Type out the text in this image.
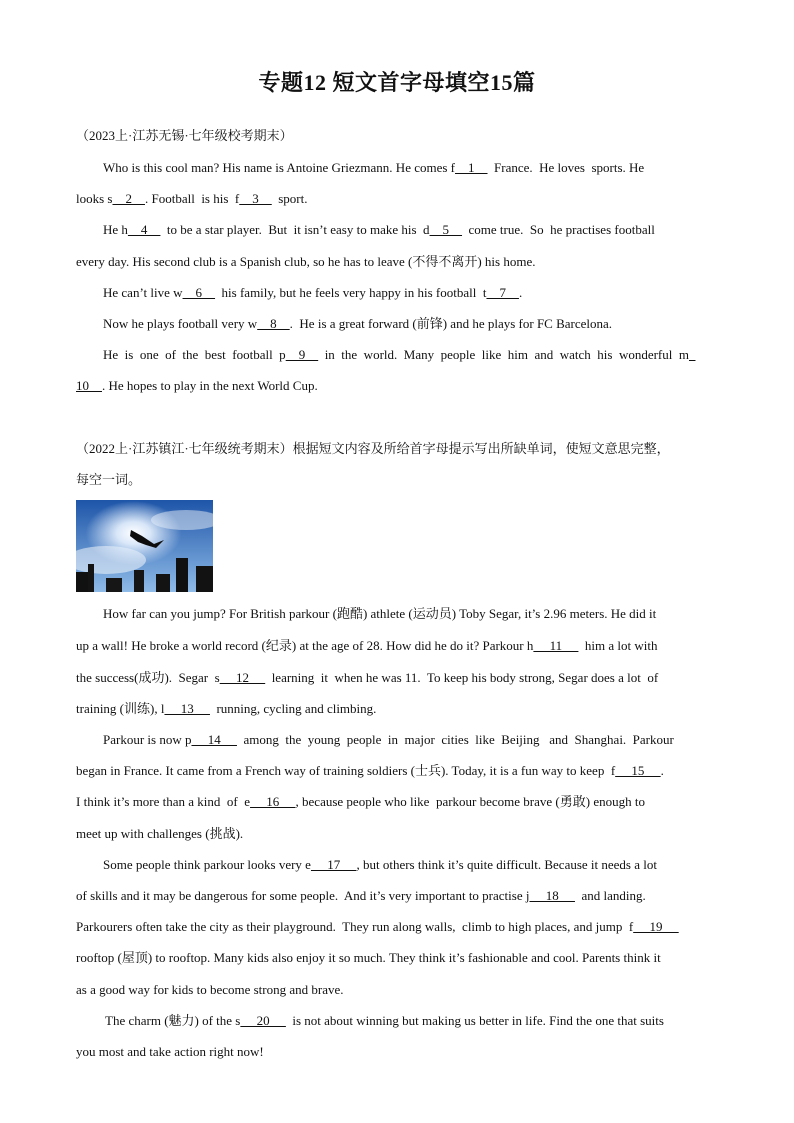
专题12 短文首字母填空15篇
（2023上·江苏无锡·七年级校考期末）
Who is this cool man? His name is Antoine Griezmann. He comes f    1      France.  He loves  sports. He
looks s    2    . Football  is his  f    3      sport.
He h    4      to be a star player.  But  it isn’t easy to make his  d    5      come true.  So  he practises football
every day. His second club is a Spanish club, so he has to leave (不得不离开) his home.
He can’t live w    6      his family, but he feels very happy in his football  t    7    .
Now he plays football very w    8    .  He is a great forward (前锋) and he plays for FC Barcelona.
He  is  one  of  the  best  football  p    9      in  the  world.  Many  people  like  him  and  watch  his  wonderful  m
10    . He hopes to play in the next World Cup.
（2022上·江苏镇江·七年级统考期末）根据短文内容及所给首字母提示写出所缺单词，使短文意思完整，
每空一词。
How far can you jump? For British parkour (跑酷) athlete (运动员) Toby Segar, it’s 2.96 meters. He did it
up a wall! He broke a world record (纪录) at the age of 28. How did he do it? Parkour h     11       him a lot with
the success(成功).  Segar  s     12       learning  it  when he was 11.  To keep his body strong, Segar does a lot  of
training (训练), l     13       running, cycling and climbing.
Parkour is now p     14       among  the  young  people  in  major  cities  like  Beijing   and  Shanghai.  Parkour
began in France. It came from a French way of training soldiers (士兵). Today, it is a fun way to keep  f     15     .
I think it’s more than a kind  of  e     16     , because people who like  parkour become brave (勇敢) enough to
meet up with challenges (挑战).
Some people think parkour looks very e     17     , but others think it’s quite difficult. Because it needs a lot
of skills and it may be dangerous for some people.  And it’s very important to practise j     18       and landing.
Parkourers often take the city as their playground.  They run along walls,  climb to high places, and jump  f     19
rooftop (屋顶) to rooftop. Many kids also enjoy it so much. They think it’s fashionable and cool. Parents think it
as a good way for kids to become strong and brave.
The charm (魅力) of the s     20       is not about winning but making us better in life. Find the one that suits
you most and take action right now!
